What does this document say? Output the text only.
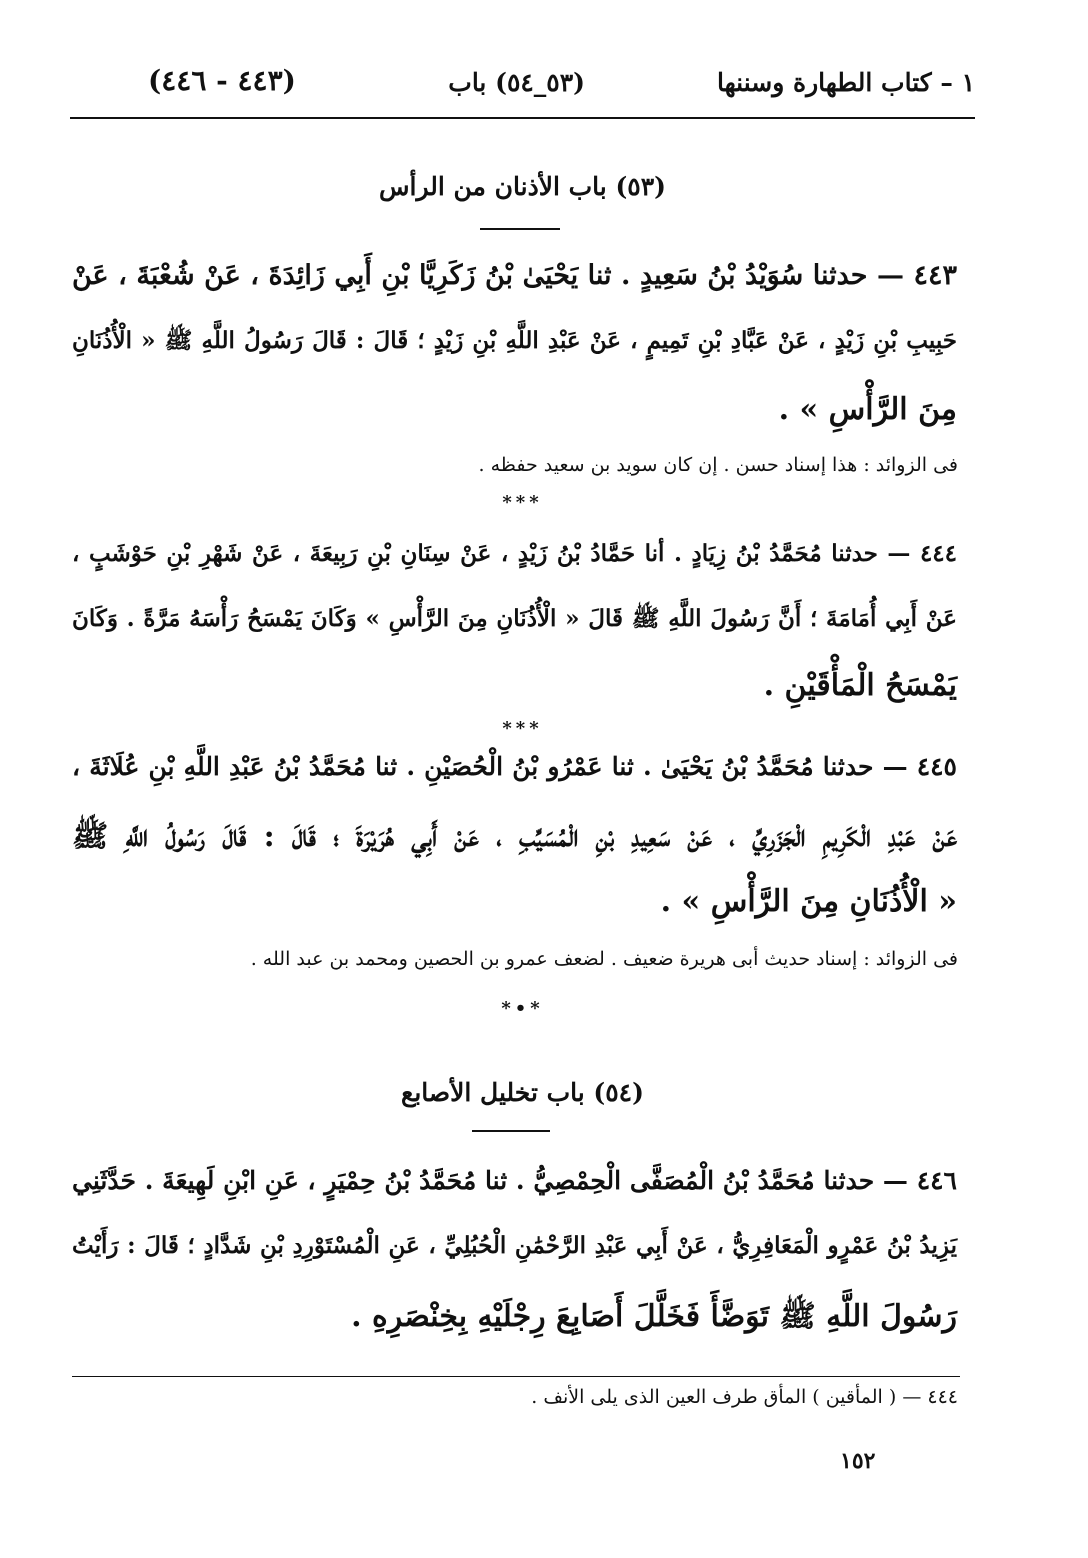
١ – كتاب الطهارة وسننها
(٥٣_٥٤) باب
(٤٤٣ - ٤٤٦)
(٥٣) باب الأذنان من الرأس
٤٤٣ — حدثنا سُوَيْدُ بْنُ سَعِيدٍ . ثنا يَحْيَىٰ بْنُ زَكَرِيَّا بْنِ أَبِي زَائِدَةَ ، عَنْ شُعْبَةَ ، عَنْ
حَبِيبِ بْنِ زَيْدٍ ، عَنْ عَبَّادِ بْنِ تَمِيمٍ ، عَنْ عَبْدِ اللَّهِ بْنِ زَيْدٍ ؛ قَالَ : قَالَ رَسُولُ اللَّهِ ﷺ « الْأُذُنَانِ
مِنَ الرَّأْسِ » .
فى الزوائد : هذا إسناد حسن . إن كان سويد بن سعيد حفظه .
***
٤٤٤ — حدثنا مُحَمَّدُ بْنُ زِيَادٍ . أنا حَمَّادُ بْنُ زَيْدٍ ، عَنْ سِنَانِ بْنِ رَبِيعَةَ ، عَنْ شَهْرِ بْنِ حَوْشَبٍ ،
عَنْ أَبِي أُمَامَةَ ؛ أَنَّ رَسُولَ اللَّهِ ﷺ قَالَ « الْأُذُنَانِ مِنَ الرَّأْسِ » وَكَانَ يَمْسَحُ رَأْسَهُ مَرَّةً . وَكَانَ
يَمْسَحُ الْمَأْقَيْنِ .
***
٤٤٥ — حدثنا مُحَمَّدُ بْنُ يَحْيَىٰ . ثنا عَمْرُو بْنُ الْحُصَيْنِ . ثنا مُحَمَّدُ بْنُ عَبْدِ اللَّهِ بْنِ عُلَاثَةَ ،
عَنْ عَبْدِ الْكَرِيمِ الْجَزَرِيِّ ، عَنْ سَعِيدِ بْنِ الْمُسَيِّبِ ، عَنْ أَبِي هُرَيْرَةَ ؛ قَالَ : قَالَ رَسُولُ اللَّهِ ﷺ
« الْأُذُنَانِ مِنَ الرَّأْسِ » .
فى الزوائد : إسناد حديث أبى هريرة ضعيف . لضعف عمرو بن الحصين ومحمد بن عبد الله .
*•*
(٥٤) باب تخليل الأصابع
٤٤٦ — حدثنا مُحَمَّدُ بْنُ الْمُصَفَّى الْحِمْصِيُّ . ثنا مُحَمَّدُ بْنُ حِمْيَرٍ ، عَنِ ابْنِ لَهِيعَةَ . حَدَّثَنِي
يَزِيدُ بْنُ عَمْرٍو الْمَعَافِرِيُّ ، عَنْ أَبِي عَبْدِ الرَّحْمَٰنِ الْحُبُلِيِّ ، عَنِ الْمُسْتَوْرِدِ بْنِ شَدَّادٍ ؛ قَالَ : رَأَيْتُ
رَسُولَ اللَّهِ ﷺ تَوَضَّأَ فَخَلَّلَ أَصَابِعَ رِجْلَيْهِ بِخِنْصَرِهِ .
٤٤٤ — ( المأقين ) المأق طرف العين الذى يلى الأنف .
١٥٢
